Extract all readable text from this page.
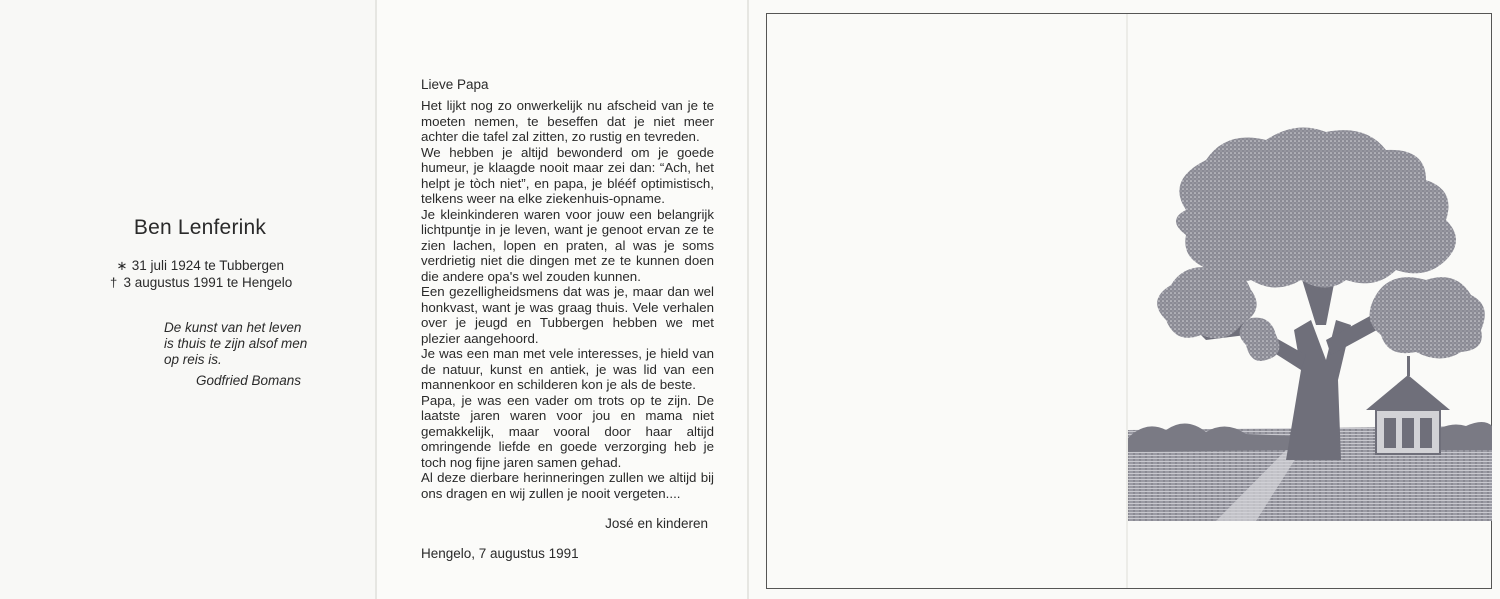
Ben Lenferink
∗ 31 juli 1924 te Tubbergen
† 3 augustus 1991 te Hengelo
De kunst van het leven
is thuis te zijn alsof men
op reis is.
Godfried Bomans
Lieve Papa

Het lijkt nog zo onwerkelijk nu afscheid van je te moeten nemen, te beseffen dat je niet meer achter die tafel zal zitten, zo rustig en tevreden.

We hebben je altijd bewonderd om je goede humeur, je klaagde nooit maar zei dan: “Ach, het helpt je tòch niet”, en papa, je blééf optimistisch, telkens weer na elke ziekenhuis-opname.

Je kleinkinderen waren voor jouw een belangrijk lichtpuntje in je leven, want je genoot ervan ze te zien lachen, lopen en praten, al was je soms verdrietig niet die dingen met ze te kunnen doen die andere opa's wel zouden kunnen.

Een gezelligheidsmens dat was je, maar dan wel honkvast, want je was graag thuis. Vele verhalen over je jeugd en Tubbergen hebben we met plezier aangehoord.

Je was een man met vele interesses, je hield van de natuur, kunst en antiek, je was lid van een mannenkoor en schilderen kon je als de beste.

Papa, je was een vader om trots op te zijn. De laatste jaren waren voor jou en mama niet gemakkelijk, maar vooral door haar altijd omringende liefde en goede verzorging heb je toch nog fijne jaren samen gehad.

Al deze dierbare herinneringen zullen we altijd bij ons dragen en wij zullen je nooit vergeten....

José en kinderen
Hengelo, 7 augustus 1991
